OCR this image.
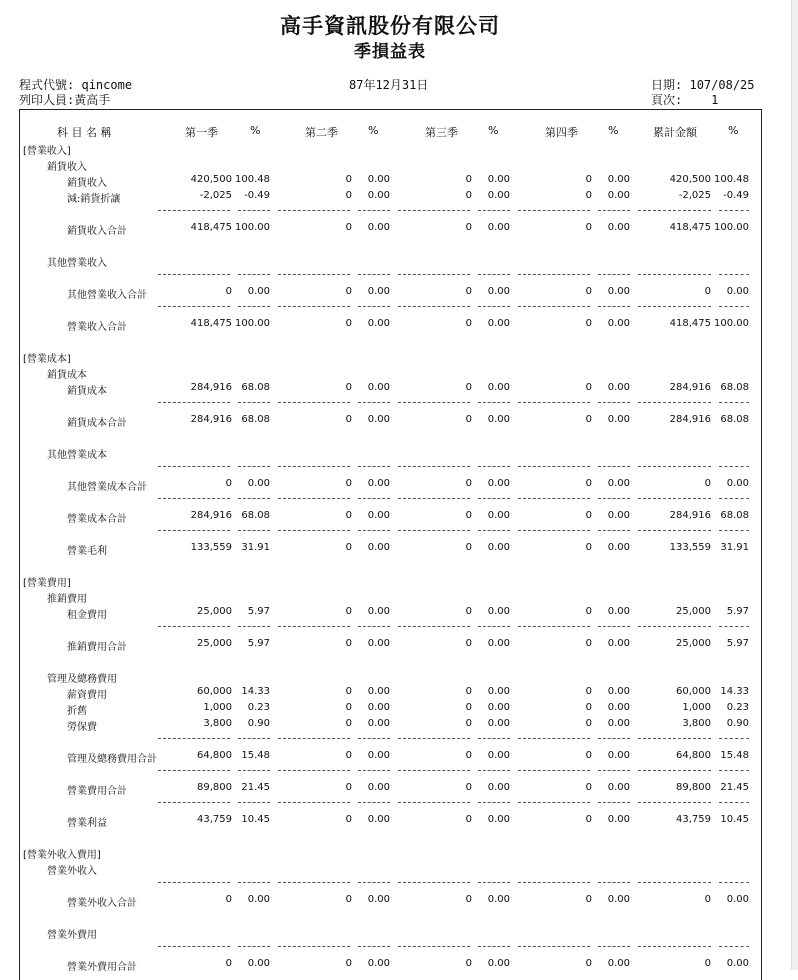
高手資訊股份有限公司
季損益表
程式代號: qincome
列印人員:黃高手
87年12月31日	日期: 107/08/25
頁次: 1
科 目 名 稱	第一季	%	第二季	%	第三季	%	第四季	%	累計金額	%
[營業收入]
銷貨收入
銷貨收入	420,500 100.48	0	0.00	0	0.00	0	0.00	420,500 100.48
減:銷貨折讓	-2,025	-0.49	0	0.00	0	0.00	0	0.00	-2,025	-0.49
銷貨收入合計	418,475 100.00	0	0.00	0	0.00	0	0.00	418,475 100.00
其他營業收入
其他營業收入合計	0	0.00	0	0.00	0	0.00	0	0.00	0	0.00
營業收入合計	418,475 100.00	0	0.00	0	0.00	0	0.00	418,475 100.00
[營業成本]
銷貨成本
銷貨成本	284,916 68.08	0	0.00	0	0.00	0	0.00	284,916 68.08
銷貨成本合計	284,916 68.08	0	0.00	0	0.00	0	0.00	284,916 68.08
其他營業成本
其他營業成本合計	0	0.00	0	0.00	0	0.00	0	0.00	0	0.00
營業成本合計	284,916 68.08	0	0.00	0	0.00	0	0.00	284,916 68.08
營業毛利	133,559 31.91	0	0.00	0	0.00	0	0.00	133,559 31.91
[營業費用]
推銷費用
租金費用	25,000	5.97	0	0.00	0	0.00	0	0.00	25,000	5.97
推銷費用合計	25,000	5.97	0	0.00	0	0.00	0	0.00	25,000	5.97
管理及總務費用
薪資費用	60,000 14.33	0	0.00	0	0.00	0	0.00	60,000 14.33
折舊	1,000	0.23	0	0.00	0	0.00	0	0.00	1,000	0.23
勞保費	3,800	0.90	0	0.00	0	0.00	0	0.00	3,800	0.90
管理及總務費用合計	64,800 15.48	0	0.00	0	0.00	0	0.00	64,800 15.48
營業費用合計	89,800 21.45	0	0.00	0	0.00	0	0.00	89,800 21.45
營業利益	43,759 10.45	0	0.00	0	0.00	0	0.00	43,759 10.45
[營業外收入費用]
營業外收入
營業外收入合計	0	0.00	0	0.00	0	0.00	0	0.00	0	0.00
營業外費用
營業外費用合計	0	0.00	0	0.00	0	0.00	0	0.00	0	0.00
